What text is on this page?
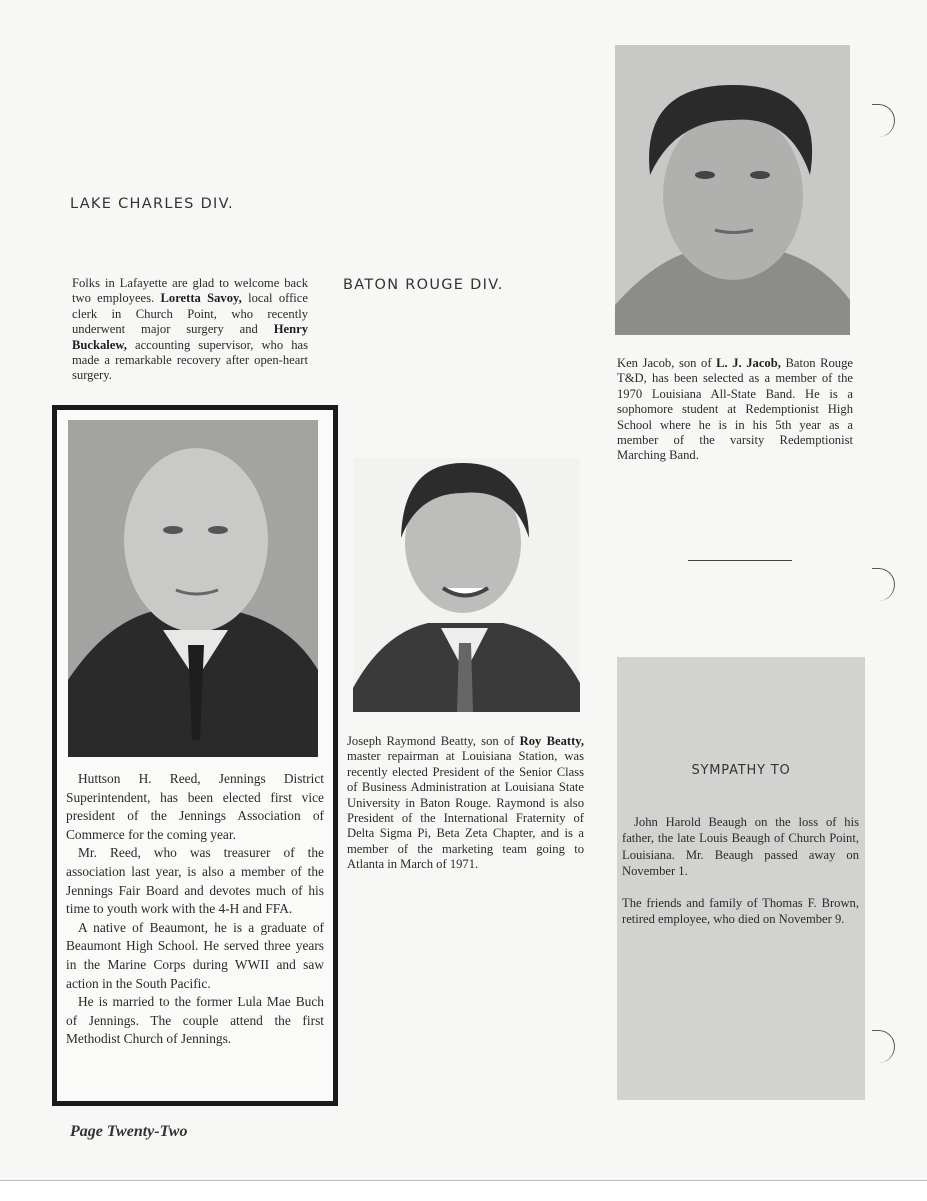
LAKE CHARLES DIV.
Folks in Lafayette are glad to welcome back two employees. Loretta Savoy, local office clerk in Church Point, who recently underwent major surgery and Henry Buckalew, accounting supervisor, who has made a remarkable recovery after open-heart surgery.

Huttson H. Reed, Jennings District Superintendent, has been elected first vice president of the Jennings Association of Commerce for the coming year.

Mr. Reed, who was treasurer of the association last year, is also a member of the Jennings Fair Board and devotes much of his time to youth work with the 4-H and FFA.

A native of Beaumont, he is a graduate of Beaumont High School. He served three years in the Marine Corps during WWII and saw action in the South Pacific.

He is married to the former Lula Mae Buch of Jennings. The couple attend the first Methodist Church of Jennings.

BATON ROUGE DIV.
Joseph Raymond Beatty, son of Roy Beatty, master repairman at Louisiana Station, was recently elected President of the Senior Class of Business Administration at Louisiana State University in Baton Rouge. Raymond is also President of the International Fraternity of Delta Sigma Pi, Beta Zeta Chapter, and is a member of the marketing team going to Atlanta in March of 1971.
Ken Jacob, son of L. J. Jacob, Baton Rouge T&D, has been selected as a member of the 1970 Louisiana All-State Band. He is a sophomore student at Redemptionist High School where he is in his 5th year as a member of the varsity Redemptionist Marching Band.
SYMPATHY TO

John Harold Beaugh on the loss of his father, the late Louis Beaugh of Church Point, Louisiana. Mr. Beaugh passed away on November 1.

The friends and family of Thomas F. Brown, retired employee, who died on November 9.

Page Twenty-Two
